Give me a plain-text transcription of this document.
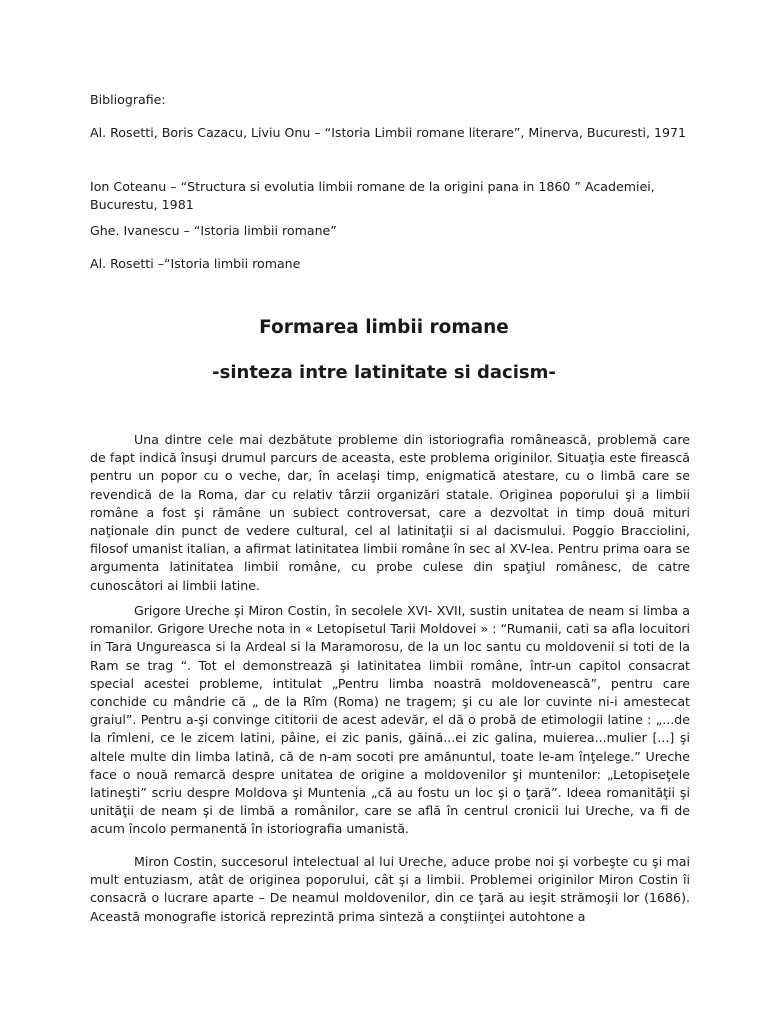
Bibliografie:

Al. Rosetti, Boris Cazacu, Liviu Onu – “Istoria Limbii romane literare”, Minerva, Bucuresti, 1971

Ion Coteanu – “Structura si evolutia limbii romane de la origini pana in 1860 ” Academiei, Bucurestu, 1981

Ghe. Ivanescu – “Istoria limbii romane”

Al. Rosetti –“Istoria limbii romane

Formarea limbii romane
-sinteza intre latinitate si dacism-

Una dintre cele mai dezbătute probleme din istoriografia românească, problemă care de fapt indică însuşi drumul parcurs de aceasta, este problema originilor. Situaţia este firească pentru un popor cu o veche, dar, în acelaşi timp, enigmatică atestare, cu o limbă care se revendică de la Roma, dar cu relativ târzii organizări statale. Originea poporului şi a limbii române a fost şi rămâne un subiect controversat, care a dezvoltat in timp două mituri naţionale din punct de vedere cultural, cel al latinitaţii si al dacismului. Poggio Bracciolini, filosof umanist italian, a afirmat latinitatea limbii române în sec al XV-lea. Pentru prima oara se argumenta latinitatea limbii române, cu probe culese din spaţiul românesc, de catre cunoscători ai limbii latine.

Grigore Ureche şi Miron Costin, în secolele XVI- XVII, sustin unitatea de neam si limba a romanilor. Grigore Ureche nota in « Letopisetul Tarii Moldovei » : “Rumanii, cati sa afla locuitori in Tara Ungureasca si la Ardeal si la Maramorosu, de la un loc santu cu moldovenii si toti de la Ram se trag “. Tot el demonstrează şi latinitatea limbii române, într-un capitol consacrat special acestei probleme, intitulat „Pentru limba noastră moldovenească”, pentru care conchide cu mândrie că „ de la Rîm (Roma) ne tragem; şi cu ale lor cuvinte ni-i amestecat graiul”. Pentru a-şi convinge cititorii de acest adevăr, el dă o probă de etimologii latine : „...de la rîmleni, ce le zicem latini, pâine, ei zic panis, găină...ei zic galina, muierea...mulier [...] şi altele multe din limba latină, că de n-am socoti pre amănuntul, toate le-am înţelege.” Ureche face o nouă remarcă despre unitatea de origine a moldovenilor şi muntenilor: „Letopiseţele latineşti” scriu despre Moldova şi Muntenia „că au fostu un loc şi o ţară”. Ideea romanităţii şi unităţii de neam şi de limbă a românilor, care se află în centrul cronicii lui Ureche, va fi de acum încolo permanentă în istoriografia umanistă.

Miron Costin, succesorul intelectual al lui Ureche, aduce probe noi şi vorbeşte cu şi mai mult entuziasm, atât de originea poporului, cât şi a limbii. Problemei originilor Miron Costin îi consacră o lucrare aparte – De neamul moldovenilor, din ce ţară au ieşit strămoşii lor (1686). Această monografie istorică reprezintă prima sinteză a conştiinţei autohtone a
